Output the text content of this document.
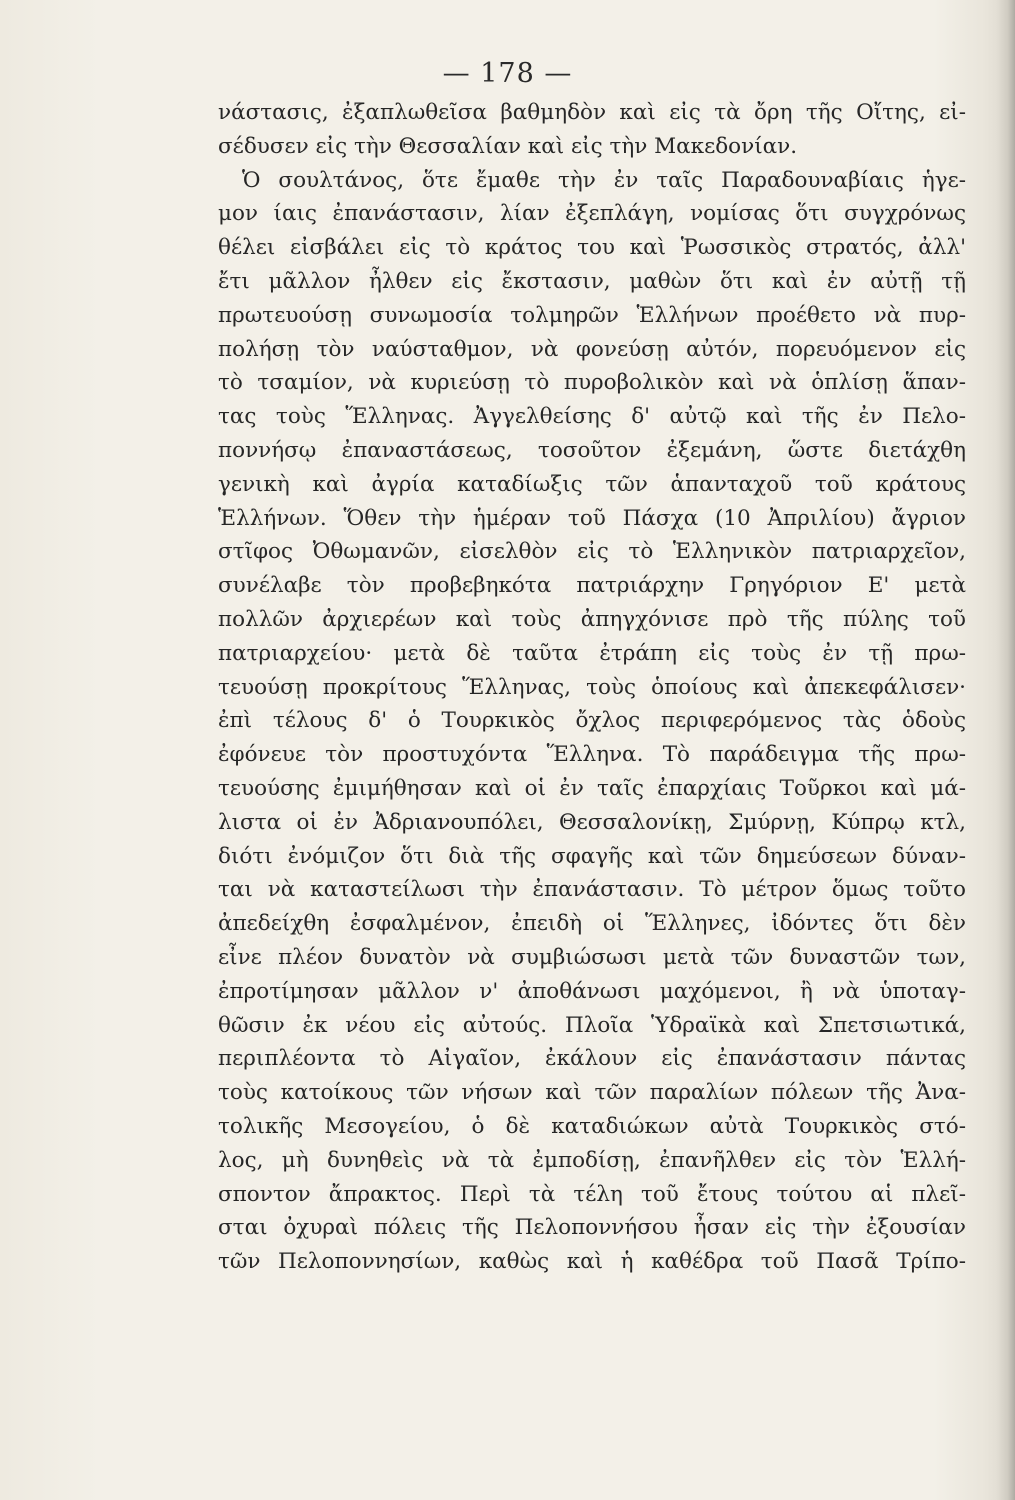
— 178 —
νάστασις, ἐξαπλωθεῖσα βαθμηδὸν καὶ εἰς τὰ ὄρη τῆς Οἴτης, εἰ-
σέδυσεν εἰς τὴν Θεσσαλίαν καὶ εἰς τὴν Μακεδονίαν.
Ὁ σουλτάνος, ὅτε ἔμαθε τὴν ἐν ταῖς Παραδουναβίαις ἡγε-
μον ίαις ἐπανάστασιν, λίαν ἐξεπλάγη, νομίσας ὅτι συγχρόνως
θέλει εἰσβάλει εἰς τὸ κράτος του καὶ Ῥωσσικὸς στρατός, ἀλλ'
ἔτι μᾶλλον ἦλθεν εἰς ἔκστασιν, μαθὼν ὅτι καὶ ἐν αὐτῇ τῇ
πρωτευούσῃ συνωμοσία τολμηρῶν Ἑλλήνων προέθετο νὰ πυρ-
πολήσῃ τὸν ναύσταθμον, νὰ φονεύσῃ αὐτόν, πορευόμενον εἰς
τὸ τσαμίον, νὰ κυριεύσῃ τὸ πυροβολικὸν καὶ νὰ ὁπλίσῃ ἅπαν-
τας τοὺς Ἕλληνας. Ἀγγελθείσης δ' αὐτῷ καὶ τῆς ἐν Πελο-
ποννήσῳ ἐπαναστάσεως, τοσοῦτον ἐξεμάνη, ὥστε διετάχθη
γενικὴ καὶ ἀγρία καταδίωξις τῶν ἁπανταχοῦ τοῦ κράτους
Ἑλλήνων. Ὅθεν τὴν ἡμέραν τοῦ Πάσχα (10 Ἀπριλίου) ἄγριον
στῖφος Ὀθωμανῶν, εἰσελθὸν εἰς τὸ Ἑλληνικὸν πατριαρχεῖον,
συνέλαβε τὸν προβεβηκότα πατριάρχην Γρηγόριον Ε' μετὰ
πολλῶν ἀρχιερέων καὶ τοὺς ἀπηγχόνισε πρὸ τῆς πύλης τοῦ
πατριαρχείου· μετὰ δὲ ταῦτα ἐτράπη εἰς τοὺς ἐν τῇ πρω-
τευούσῃ προκρίτους Ἕλληνας, τοὺς ὁποίους καὶ ἀπεκεφάλισεν·
ἐπὶ τέλους δ' ὁ Τουρκικὸς ὄχλος περιφερόμενος τὰς ὁδοὺς
ἐφόνευε τὸν προστυχόντα Ἕλληνα. Τὸ παράδειγμα τῆς πρω-
τευούσης ἐμιμήθησαν καὶ οἱ ἐν ταῖς ἐπαρχίαις Τοῦρκοι καὶ μά-
λιστα οἱ ἐν Ἀδριανουπόλει, Θεσσαλονίκῃ, Σμύρνῃ, Κύπρῳ κτλ,
διότι ἐνόμιζον ὅτι διὰ τῆς σφαγῆς καὶ τῶν δημεύσεων δύναν-
ται νὰ καταστείλωσι τὴν ἐπανάστασιν. Τὸ μέτρον ὅμως τοῦτο
ἀπεδείχθη ἐσφαλμένον, ἐπειδὴ οἱ Ἕλληνες, ἰδόντες ὅτι δὲν
εἶνε πλέον δυνατὸν νὰ συμβιώσωσι μετὰ τῶν δυναστῶν των,
ἐπροτίμησαν μᾶλλον ν' ἀποθάνωσι μαχόμενοι, ἢ νὰ ὑποταγ-
θῶσιν ἐκ νέου εἰς αὐτούς. Πλοῖα Ὑδραϊκὰ καὶ Σπετσιωτικά,
περιπλέοντα τὸ Αἰγαῖον, ἐκάλουν εἰς ἐπανάστασιν πάντας
τοὺς κατοίκους τῶν νήσων καὶ τῶν παραλίων πόλεων τῆς Ἀνα-
τολικῆς Μεσογείου, ὁ δὲ καταδιώκων αὐτὰ Τουρκικὸς στό-
λος, μὴ δυνηθεὶς νὰ τὰ ἐμποδίσῃ, ἐπανῆλθεν εἰς τὸν Ἑλλή-
σποντον ἄπρακτος. Περὶ τὰ τέλη τοῦ ἔτους τούτου αἱ πλεῖ-
σται ὀχυραὶ πόλεις τῆς Πελοποννήσου ἦσαν εἰς τὴν ἐξουσίαν
τῶν Πελοποννησίων, καθὼς καὶ ἡ καθέδρα τοῦ Πασᾶ Τρίπο-
